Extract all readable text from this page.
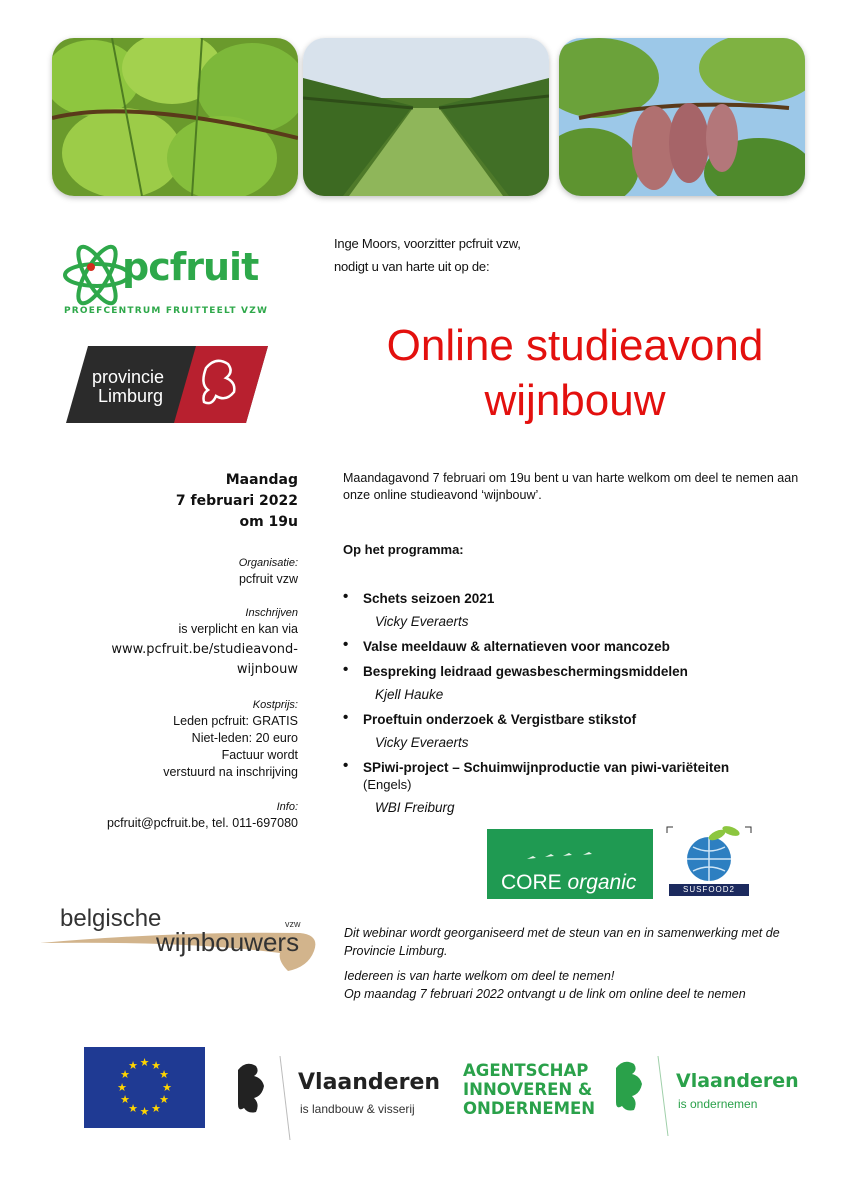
pcfruit
PROEFCENTRUM FRUITTEELT VZW
provincie
Limburg
Inge Moors, voorzitter pcfruit vzw,
nodigt u van harte uit op de:
Online studieavond
wijnbouw
Maandag
7 februari 2022
om 19u
Organisatie:
pcfruit vzw
Inschrijven
is verplicht en kan via
www.pcfruit.be/studieavond-
wijnbouw
Kostprijs:
Leden pcfruit: GRATIS
Niet-leden: 20 euro
Factuur wordt
verstuurd na inschrijving
Info:
pcfruit@pcfruit.be, tel. 011-697080
Maandagavond 7 februari om 19u bent u van harte welkom om deel te nemen aan onze online studieavond ‘wijnbouw’.
Op het programma:
• Schets seizoen 2021
Vicky Everaerts
• Valse meeldauw & alternatieven voor mancozeb
• Bespreking leidraad gewasbeschermingsmiddelen
Kjell Hauke
• Proeftuin onderzoek & Vergistbare stikstof
Vicky Everaerts
• SPiwi-project – Schuimwijnproductie van piwi-variëteiten
(Engels)
WBI Freiburg
CORE organic	SUSFOOD2
belgische
wijnbouwers
vzw

Dit webinar wordt georganiseerd met de steun van en in samenwerking met de Provincie Limburg.

Iedereen is van harte welkom om deel te nemen!
Op maandag 7 februari 2022 ontvangt u de link om online deel te nemen
★ ★
★
★
★
★
★
★
★
★
★
★
Vlaanderen
is landbouw & visserij
AGENTSCHAP
INNOVEREN &
ONDERNEMEN
Vlaanderen
is ondernemen
